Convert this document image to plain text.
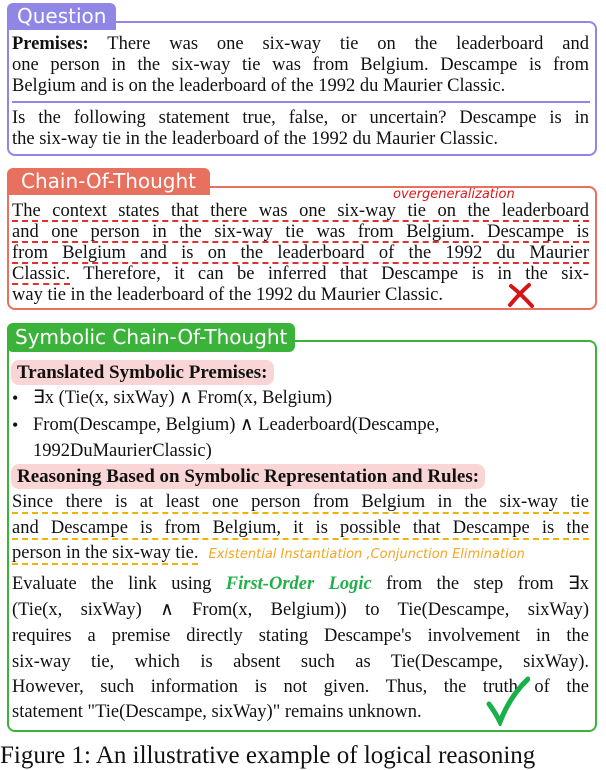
Question
Premises: There was one six-way tie on the leaderboard and
one person in the six-way tie was from Belgium. Descampe is from
Belgium and is on the leaderboard of the 1992 du Maurier Classic.
Is the following statement true, false, or uncertain? Descampe is in
the six-way tie in the leaderboard of the 1992 du Maurier Classic.
Chain-Of-Thought
overgeneralization
The context states that there was one six-way tie on the leaderboard
and one person in the six-way tie was from Belgium. Descampe is
from Belgium and is on the leaderboard of the 1992 du Maurier
Classic. Therefore, it can be inferred that Descampe is in the six-
way tie in the leaderboard of the 1992 du Maurier Classic.
Symbolic Chain-Of-Thought
Translated Symbolic Premises:
• ∃x (Tie(x, sixWay) ∧ From(x, Belgium)
• From(Descampe, Belgium) ∧ Leaderboard(Descampe,
1992DuMaurierClassic)
Reasoning Based on Symbolic Representation and Rules:
Since there is at least one person from Belgium in the six-way tie
and Descampe is from Belgium, it is possible that Descampe is the
person in the six-way tie. Existential Instantiation ,Conjunction Elimination
Evaluate the link using First-Order Logic from the step from ∃x
(Tie(x, sixWay) ∧ From(x, Belgium)) to Tie(Descampe, sixWay)
requires a premise directly stating Descampe's involvement in the
six-way tie, which is absent such as Tie(Descampe, sixWay).
However, such information is not given. Thus, the truth of the
statement "Tie(Descampe, sixWay)" remains unknown.
Figure 1: An illustrative example of logical reasoning
